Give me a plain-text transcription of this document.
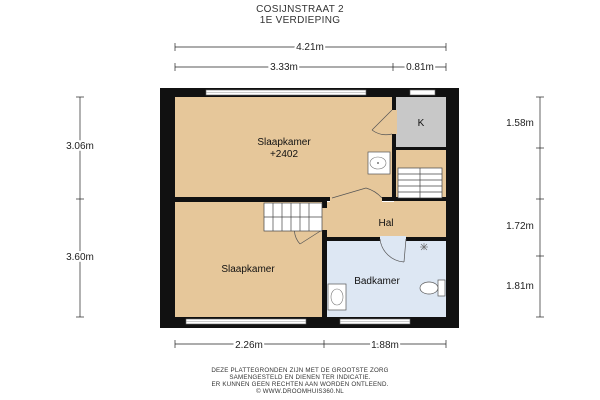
COSIJNSTRAAT 2
1E VERDIEPING
Slaapkamer
+2402
K
Hal
Slaapkamer
Badkamer
4.21m
3.33m	0.81m
3.06m
3.60m
1.58m
1.72m
1.81m
2.26m	1.88m
DEZE PLATTEGRONDEN ZIJN MET DE GROOTSTE ZORG
SAMENGESTELD EN DIENEN TER INDICATIE.
ER KUNNEN GEEN RECHTEN AAN WORDEN ONTLEEND.
© WWW.DROOMHUIS360.NL
